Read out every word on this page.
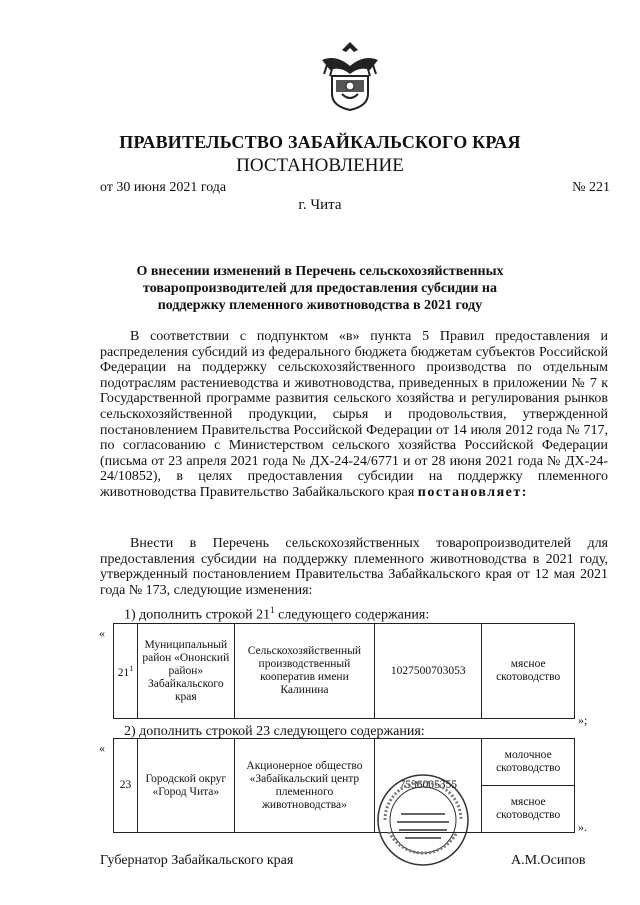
ПРАВИТЕЛЬСТВО ЗАБАЙКАЛЬСКОГО КРАЯ
ПОСТАНОВЛЕНИЕ
от 30 июня 2021 года	№ 221
г. Чита
О внесении изменений в Перечень сельскохозяйственных товаропроизводителей для предоставления субсидии на поддержку племенного животноводства в 2021 году
В соответствии с подпунктом «в» пункта 5 Правил предоставления и распределения субсидий из федерального бюджета бюджетам субъектов Российской Федерации на поддержку сельскохозяйственного производства по отдельным подотраслям растениеводства и животноводства, приведенных в приложении № 7 к Государственной программе развития сельского хозяйства и регулирования рынков сельскохозяйственной продукции, сырья и продовольствия, утвержденной постановлением Правительства Российской Федерации от 14 июля 2012 года № 717, по согласованию с Министерством сельского хозяйства Российской Федерации (письма от 23 апреля 2021 года № ДХ-24-24/6771 и от 28 июня 2021 года № ДХ-24-24/10852), в целях предоставления субсидии на поддержку племенного животноводства Правительство Забайкальского края постановляет:
Внести в Перечень сельскохозяйственных товаропроизводителей для предоставления субсидии на поддержку племенного животноводства в 2021 году, утвержденный постановлением Правительства Забайкальского края от 12 мая 2021 года № 173, следующие изменения:
1) дополнить строкой $21^1$ следующего содержания:
«
$21^1$	Муниципальный район «Ононский район» Забайкальского края	Сельскохозяйственный производственный кооператив имени Калинина	1027500703053	мясное скотоводство
»;
2) дополнить строкой 23 следующего содержания:
«
23	Городской округ «Город Чита»	Акционерное общество «Забайкальский центр племенного животноводства»	7536005355	молочное скотоводство
мясное скотоводство
».
Губернатор Забайкальского края	А.М.Осипов
